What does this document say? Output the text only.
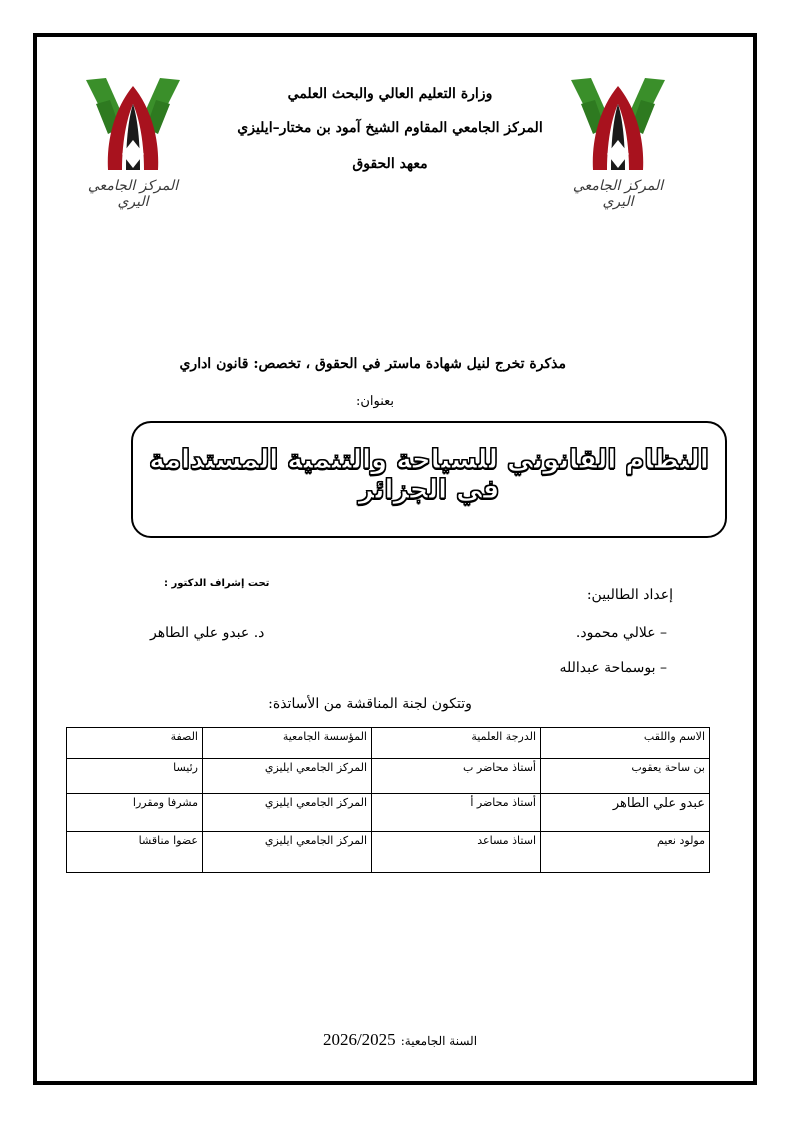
المركز الجامعي اليري
المركز الجامعي اليري
وزارة التعليم العالي والبحث العلمي
المركز الجامعي المقاوم الشيخ آمود بن مختار–ايليزي
معهد الحقوق
مذكرة تخرج لنيل شهادة ماستر في الحقوق ، تخصص: قانون اداري
بعنوان:
النظام القانوني للسياحة والتنمية المستدامة في الجزائر
إعداد الطالبين:
– علالي محمود.
– بوسماحة عبدالله
تحت إشراف الدكتور :
د. عبدو علي الطاهر
وتتكون لجنة المناقشة من الأساتذة:
الاسم واللقب	الدرجة العلمية	المؤسسة الجامعية	الصفة
بن ساحة يعقوب	أستاذ محاضر ب	المركز الجامعي ايليزي	رئيسا
عبدو علي الطاهر	أستاذ محاضر أ	المركز الجامعي ايليزي	مشرفا ومقررا
مولود نعيم	استاذ مساعد	المركز الجامعي ايليزي	عضوا مناقشا
السنة الجامعية: 2026/2025
